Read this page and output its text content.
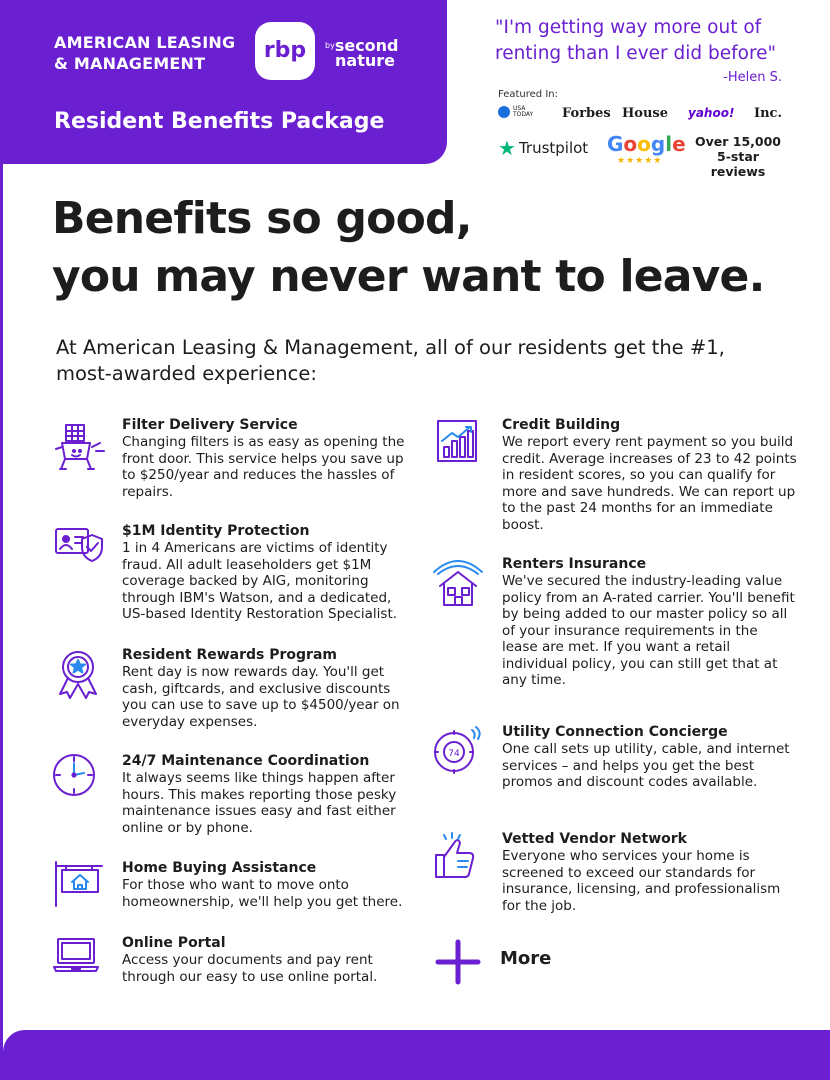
AMERICAN LEASING
& MANAGEMENT
rbp	$^{by}$second
nature
Resident Benefits Package
"I'm getting way more out of renting than I ever did before"
-Helen S.
Featured In:
USA
TODAY Forbes House yahoo! Inc.
★ Trustpilot Google
★★★★★
Over 15,000
5-star reviews
Benefits so good,
you may never want to leave.
At American Leasing & Management, all of our residents get the #1, most-awarded experience:
Filter Delivery Service
Changing filters is as easy as opening the front door. This service helps you save up to $250/year and reduces the hassles of repairs.
$1M Identity Protection
1 in 4 Americans are victims of identity fraud. All adult leaseholders get $1M coverage backed by AIG, monitoring through IBM's Watson, and a dedicated, US-based Identity Restoration Specialist.
Resident Rewards Program
Rent day is now rewards day. You'll get cash, giftcards, and exclusive discounts you can use to save up to $4500/year on everyday expenses.
24/7 Maintenance Coordination
It always seems like things happen after hours. This makes reporting those pesky maintenance issues easy and fast either online or by phone.
Home Buying Assistance
For those who want to move onto homeownership, we'll help you get there.
Online Portal
Access your documents and pay rent through our easy to use online portal.
Credit Building
We report every rent payment so you build credit. Average increases of 23 to 42 points in resident scores, so you can qualify for more and save hundreds. We can report up to the past 24 months for an immediate boost.
Renters Insurance
We've secured the industry-leading value policy from an A-rated carrier. You'll benefit by being added to our master policy so all of your insurance requirements in the lease are met. If you want a retail individual policy, you can still get that at any time.
74
Utility Connection Concierge
One call sets up utility, cable, and internet services – and helps you get the best promos and discount codes available.
Vetted Vendor Network
Everyone who services your home is screened to exceed our standards for insurance, licensing, and professionalism for the job.
More
